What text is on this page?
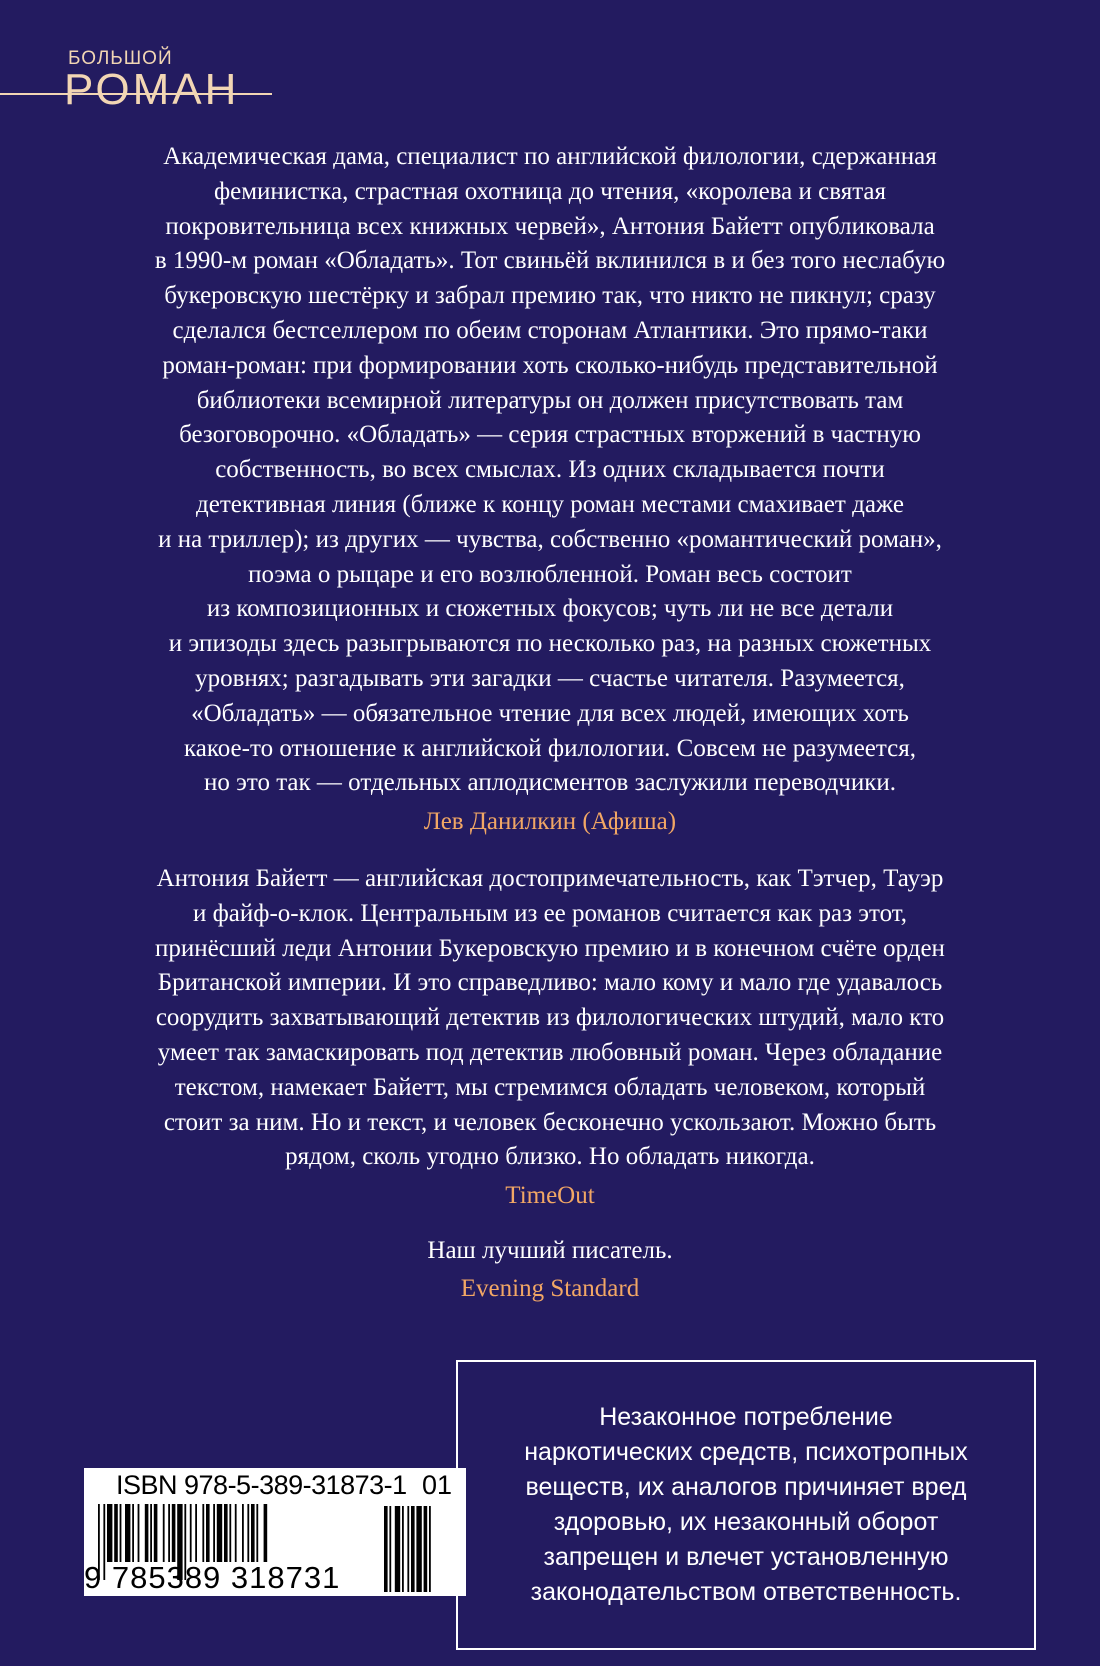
БОЛЬШОЙ
РОМАН

Академическая дама, специалист по английской филологии, сдержанная
феминистка, страстная охотница до чтения, «королева и святая
покровительница всех книжных червей», Антония Байетт опубликовала
в 1990-м роман «Обладать». Тот свиньёй вклинился в и без того неслабую
букеровскую шестёрку и забрал премию так, что никто не пикнул; сразу
сделался бестселлером по обеим сторонам Атлантики. Это прямо-таки
роман-роман: при формировании хоть сколько-нибудь представительной
библиотеки всемирной литературы он должен присутствовать там
безоговорочно. «Обладать» — серия страстных вторжений в частную
собственность, во всех смыслах. Из одних складывается почти
детективная линия (ближе к концу роман местами смахивает даже
и на триллер); из других — чувства, собственно «романтический роман»,
поэма о рыцаре и его возлюбленной. Роман весь состоит
из композиционных и сюжетных фокусов; чуть ли не все детали
и эпизоды здесь разыгрываются по несколько раз, на разных сюжетных
уровнях; разгадывать эти загадки — счастье читателя. Разумеется,
«Обладать» — обязательное чтение для всех людей, имеющих хоть
какое-то отношение к английской филологии. Совсем не разумеется,
но это так — отдельных аплодисментов заслужили переводчики.

Лев Данилкин (Афиша)

Антония Байетт — английская достопримечательность, как Тэтчер, Тауэр
и файф-о-клок. Центральным из ее романов считается как раз этот,
принёсший леди Антонии Букеровскую премию и в конечном счёте орден
Британской империи. И это справедливо: мало кому и мало где удавалось
соорудить захватывающий детектив из филологических штудий, мало кто
умеет так замаскировать под детектив любовный роман. Через обладание
текстом, намекает Байетт, мы стремимся обладать человеком, который
стоит за ним. Но и текст, и человек бесконечно ускользают. Можно быть
рядом, сколь угодно близко. Но обладать никогда.

TimeOut

Наш лучший писатель.

Evening Standard
ISBN 978-5-389-31873-1 01
9 785389 318731

Незаконное потребление
наркотических средств, психотропных
веществ, их аналогов причиняет вред
здоровью, их незаконный оборот
запрещен и влечет установленную
законодательством ответственность.
